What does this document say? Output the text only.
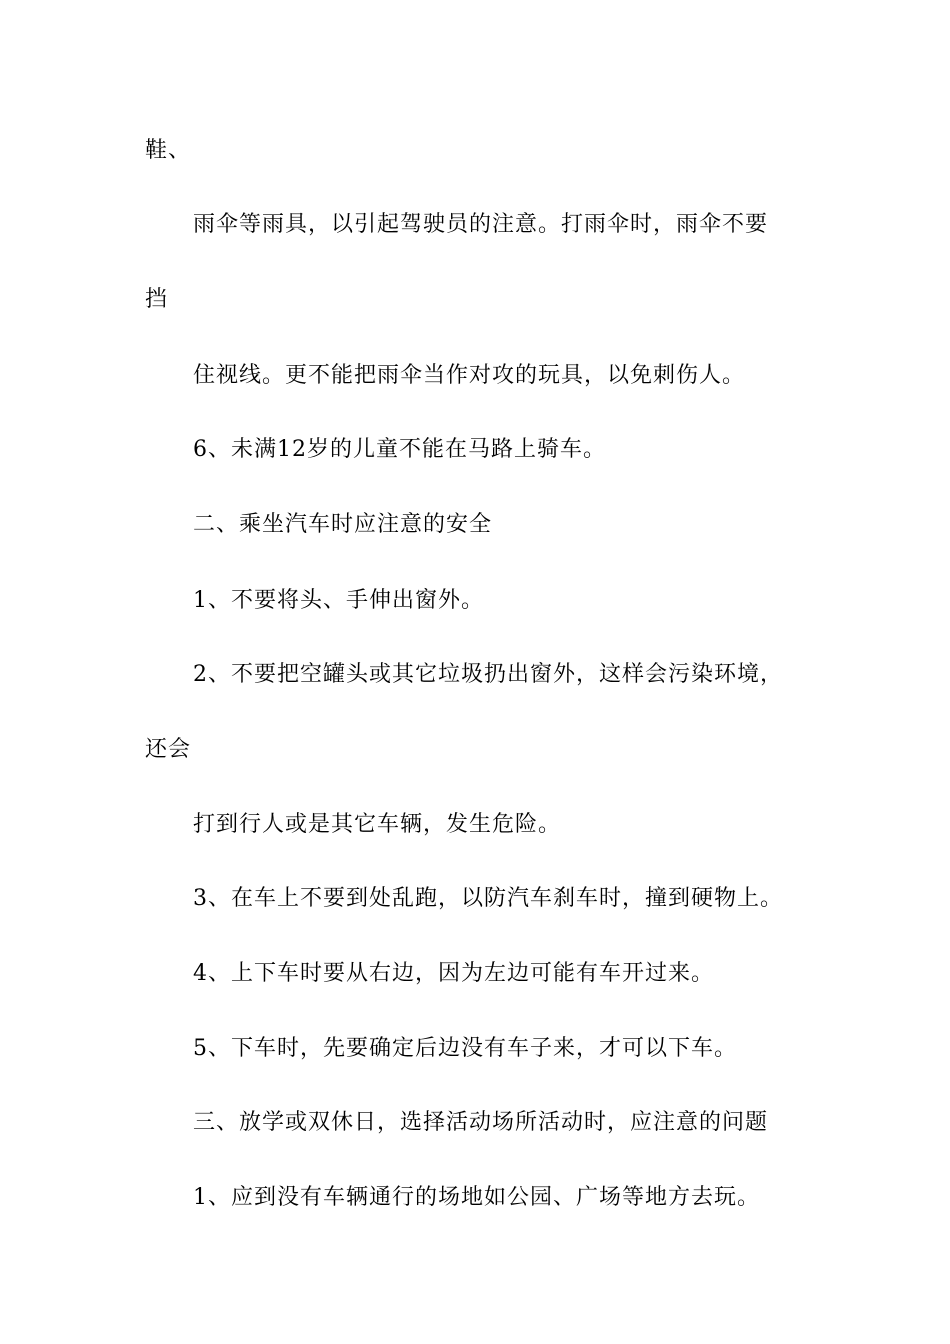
鞋、
雨伞等雨具，以引起驾驶员的注意。打雨伞时，雨伞不要
挡
住视线。更不能把雨伞当作对攻的玩具，以免刺伤人。
6、未满12岁的儿童不能在马路上骑车。
二、乘坐汽车时应注意的安全
1、不要将头、手伸出窗外。
2、不要把空罐头或其它垃圾扔出窗外，这样会污染环境，
还会
打到行人或是其它车辆，发生危险。
3、在车上不要到处乱跑，以防汽车刹车时，撞到硬物上。
4、上下车时要从右边，因为左边可能有车开过来。
5、下车时，先要确定后边没有车子来，才可以下车。
三、放学或双休日，选择活动场所活动时，应注意的问题
1、应到没有车辆通行的场地如公园、广场等地方去玩。
